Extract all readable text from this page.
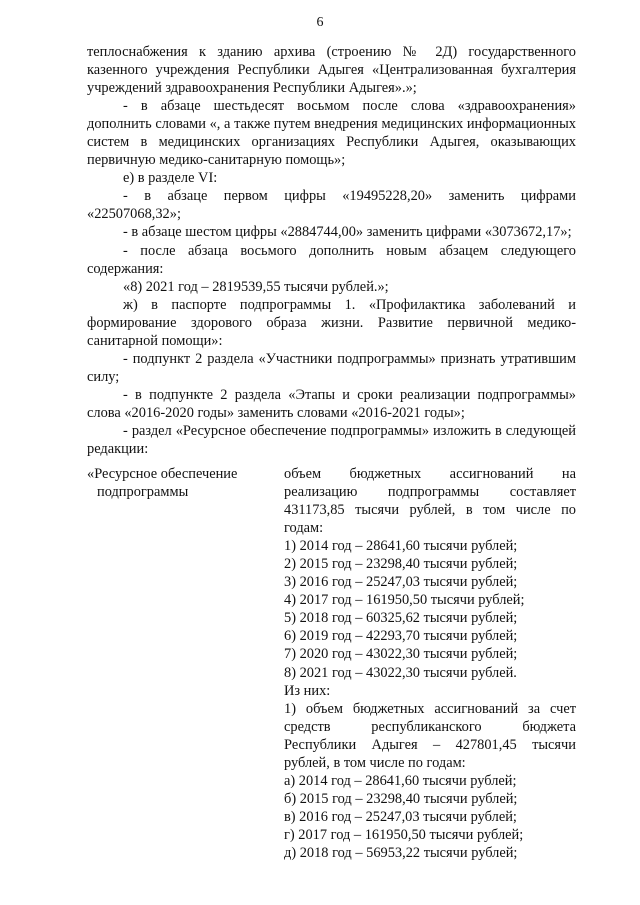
6

теплоснабжения к зданию архива (строению № 2Д) государственного казенного учреждения Республики Адыгея «Централизованная бухгалтерия учреждений здравоохранения Республики Адыгея».»;

- в абзаце шестьдесят восьмом после слова «здравоохранения» дополнить словами «, а также путем внедрения медицинских информационных систем в медицинских организациях Республики Адыгея, оказывающих первичную медико-санитарную помощь»;

е) в разделе VI:

- в абзаце первом цифры «19495228,20» заменить цифрами «22507068,32»;

- в абзаце шестом цифры «2884744,00» заменить цифрами «3073672,17»;

- после абзаца восьмого дополнить новым абзацем следующего содержания:

«8) 2021 год – 2819539,55 тысячи рублей.»;

ж) в паспорте подпрограммы 1. «Профилактика заболеваний и формирование здорового образа жизни. Развитие первичной медико-санитарной помощи»:

- подпункт 2 раздела «Участники подпрограммы» признать утратившим силу;

- в подпункте 2 раздела «Этапы и сроки реализации подпрограммы» слова «2016-2020 годы» заменить словами «2016-2021 годы»;

- раздел «Ресурсное обеспечение подпрограммы» изложить в следующей редакции:

«Ресурсное обеспечение

подпрограммы

объем бюджетных ассигнований на реализацию подпрограммы составляет 431173,85 тысячи рублей, в том числе по годам:

1) 2014 год – 28641,60 тысячи рублей;

2) 2015 год – 23298,40 тысячи рублей;

3) 2016 год – 25247,03 тысячи рублей;

4) 2017 год – 161950,50 тысячи рублей;

5) 2018 год – 60325,62 тысячи рублей;

6) 2019 год – 42293,70 тысячи рублей;

7) 2020 год – 43022,30 тысячи рублей;

8) 2021 год – 43022,30 тысячи рублей.

Из них:

1) объем бюджетных ассигнований за счет средств республиканского бюджета Республики Адыгея – 427801,45 тысячи рублей, в том числе по годам:

а) 2014 год – 28641,60 тысячи рублей;

б) 2015 год – 23298,40 тысячи рублей;

в) 2016 год – 25247,03 тысячи рублей;

г) 2017 год – 161950,50 тысячи рублей;

д) 2018 год – 56953,22 тысячи рублей;
